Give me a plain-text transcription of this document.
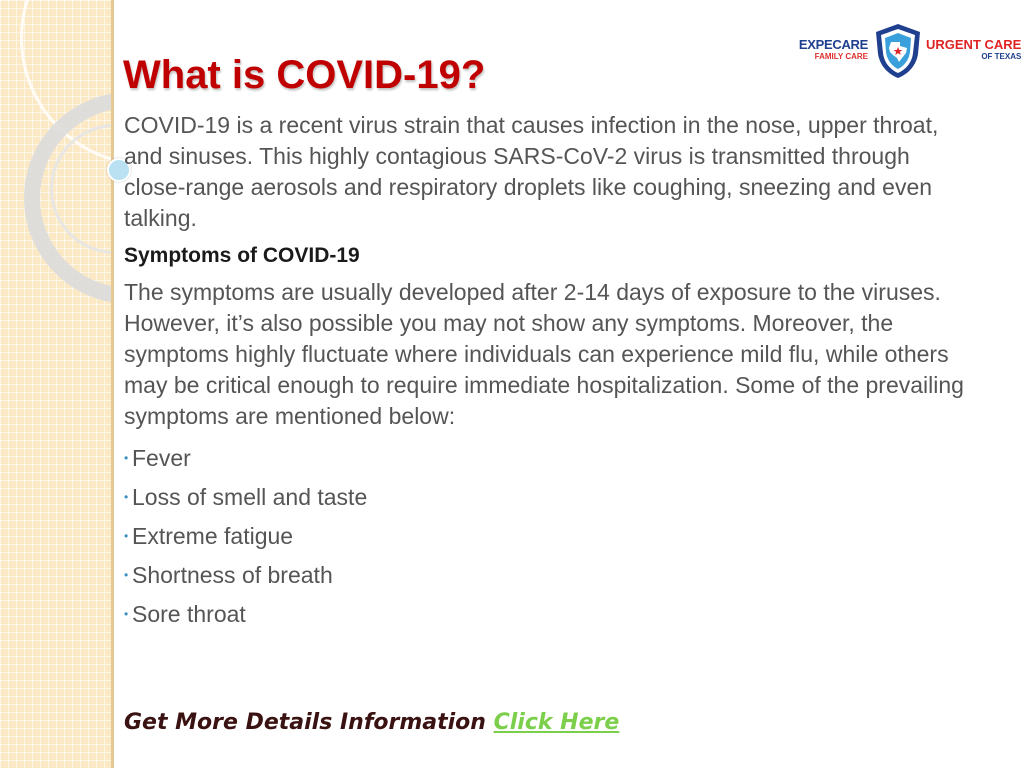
EXPECARE
FAMILY CARE
URGENT CARE
OF TEXAS
What is COVID-19?

COVID-19 is a recent virus strain that causes infection in the nose, upper throat, and sinuses. This highly contagious SARS-CoV-2 virus is transmitted through close-range aerosols and respiratory droplets like coughing, sneezing and even talking.

Symptoms of COVID-19

The symptoms are usually developed after 2-14 days of exposure to the viruses. However, it’s also possible you may not show any symptoms. Moreover, the symptoms highly fluctuate where individuals can experience mild flu, while others may be critical enough to require immediate hospitalization. Some of the prevailing symptoms are mentioned below:

• Fever
• Loss of smell and taste
• Extreme fatigue
• Shortness of breath
• Sore throat
Get More Details Information Click Here
